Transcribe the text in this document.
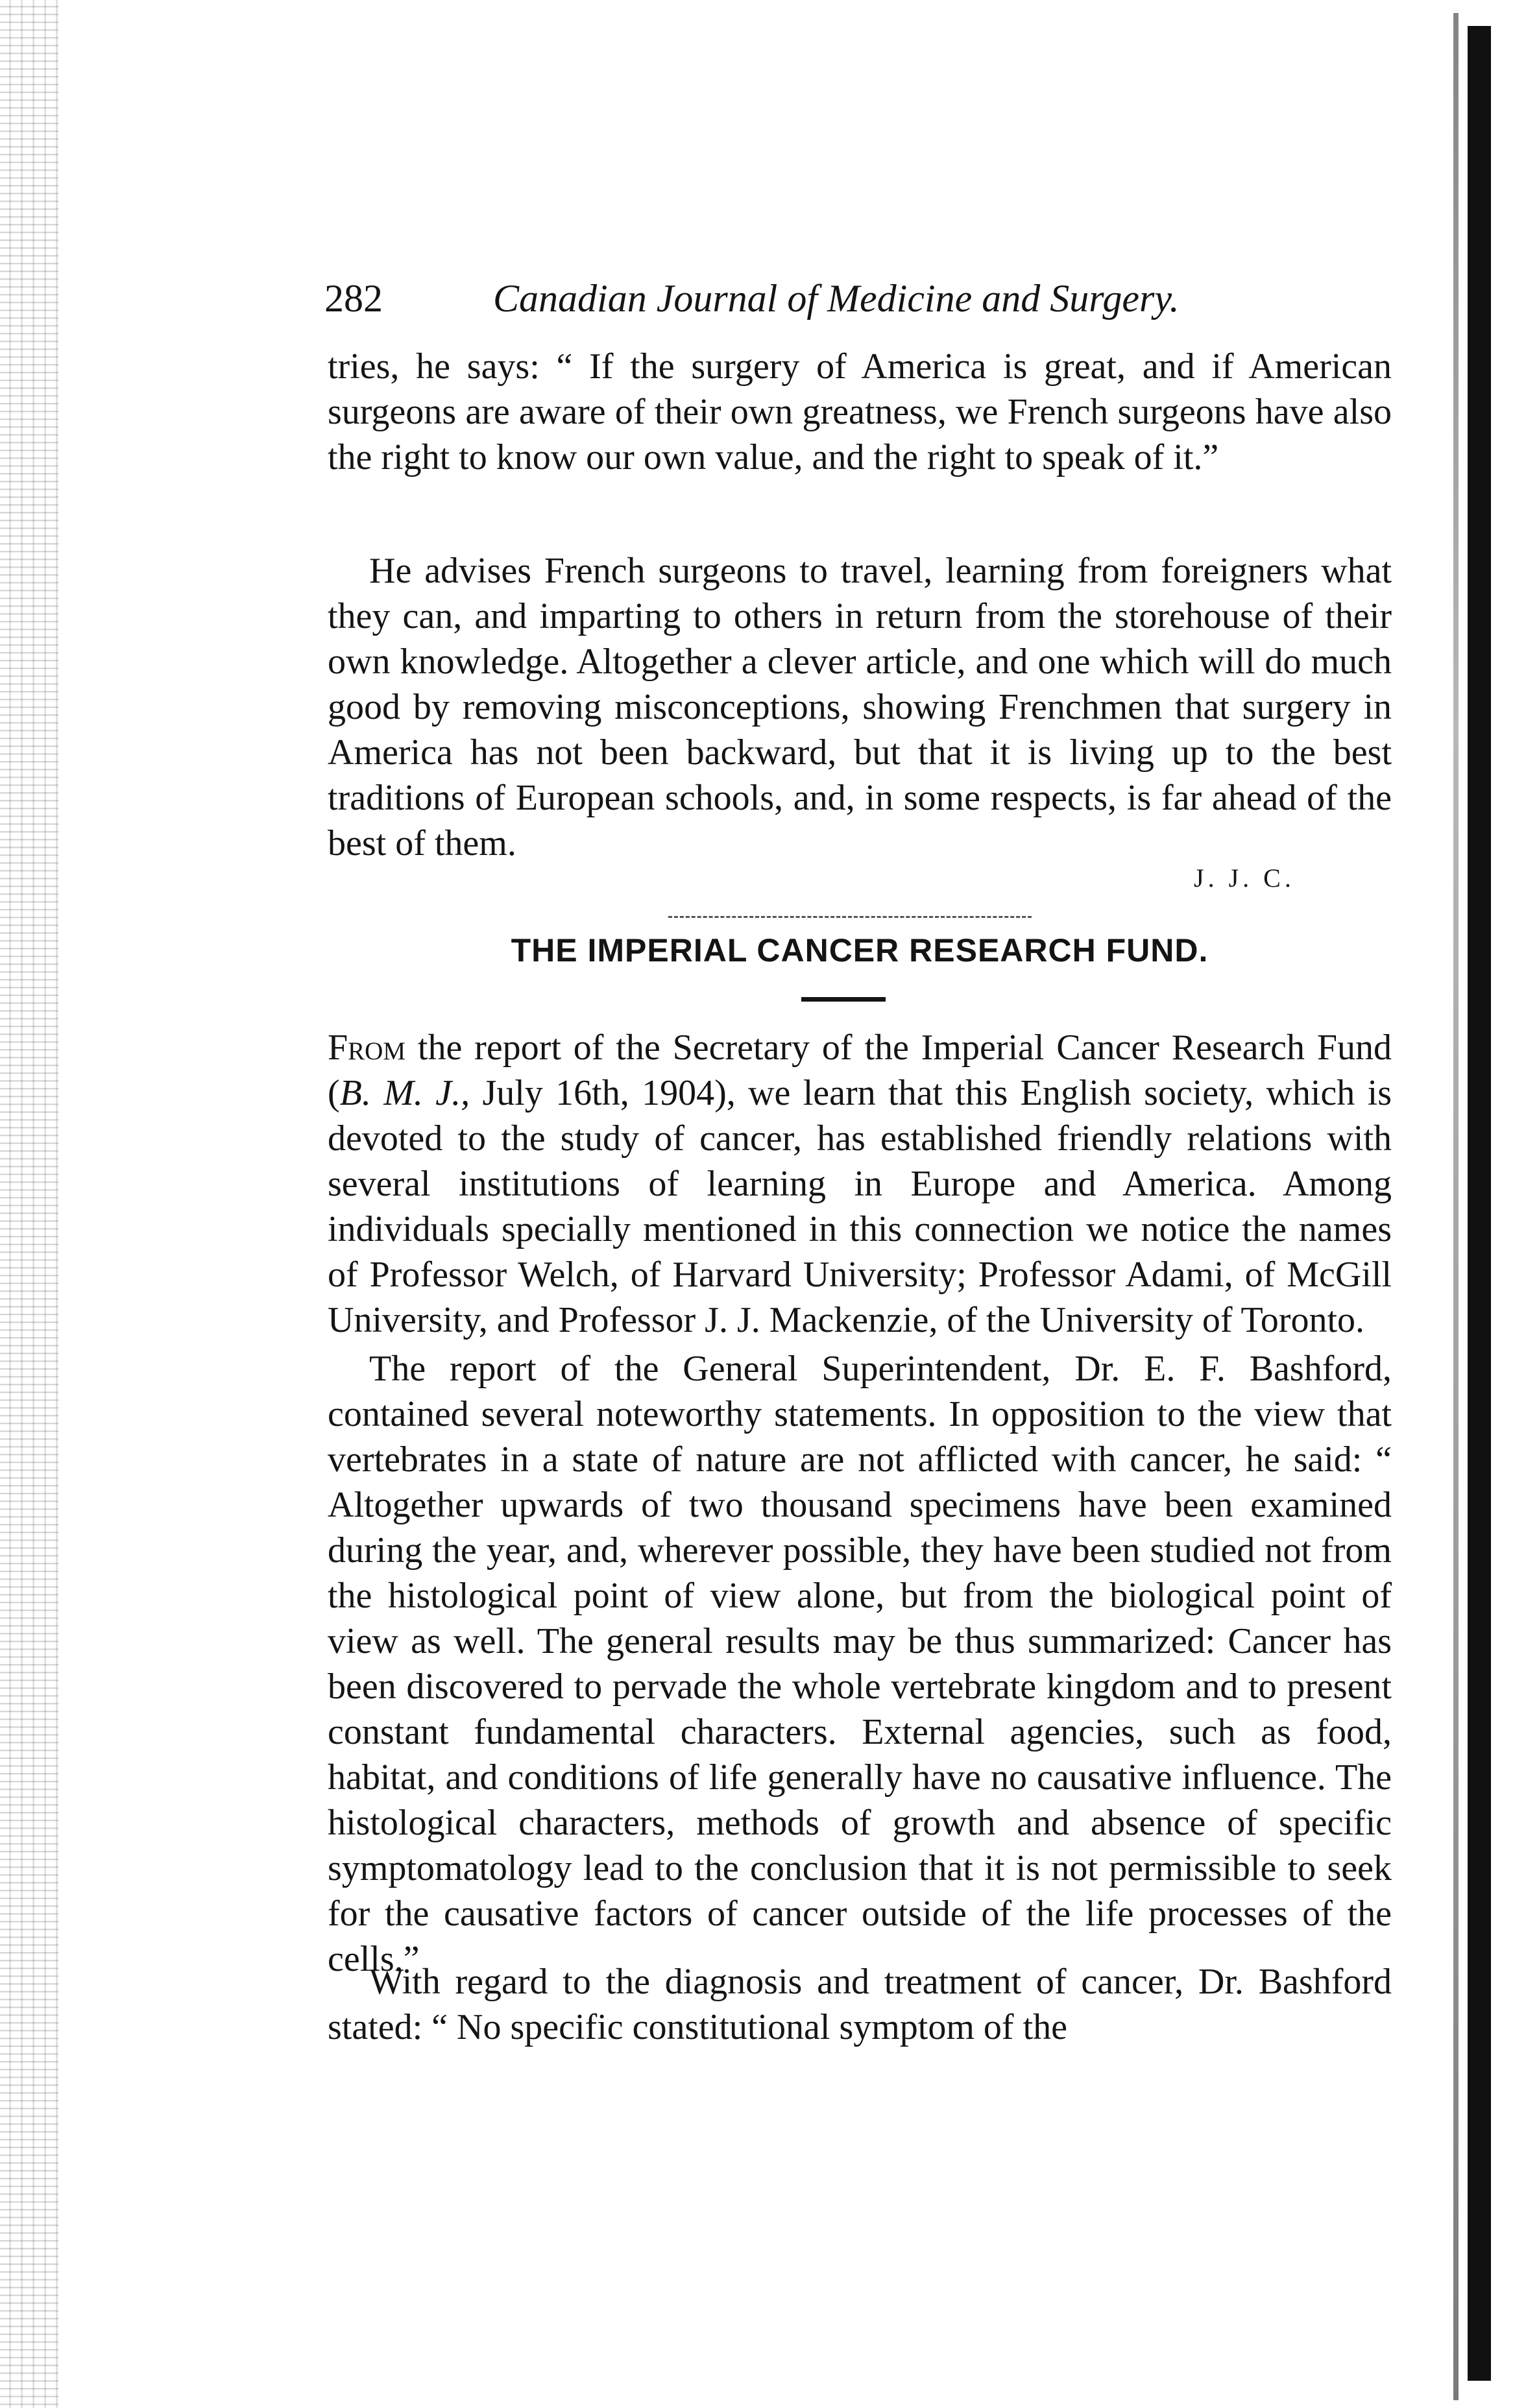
282	Canadian Journal of Medicine and Surgery.

tries, he says: “ If the surgery of America is great, and if American surgeons are aware of their own greatness, we French surgeons have also the right to know our own value, and the right to speak of it.”

He advises French surgeons to travel, learning from foreigners what they can, and imparting to others in return from the storehouse of their own knowledge. Altogether a clever article, and one which will do much good by removing misconceptions, showing Frenchmen that surgery in America has not been backward, but that it is living up to the best traditions of European schools, and, in some respects, is far ahead of the best of them.

J. J. C.
THE IMPERIAL CANCER RESEARCH FUND.

From the report of the Secretary of the Imperial Cancer Research Fund (B. M. J., July 16th, 1904), we learn that this English society, which is devoted to the study of cancer, has established friendly relations with several institutions of learning in Europe and America. Among individuals specially mentioned in this connection we notice the names of Professor Welch, of Harvard University; Professor Adami, of McGill University, and Professor J. J. Mackenzie, of the University of Toronto.

The report of the General Superintendent, Dr. E. F. Bashford, contained several noteworthy statements. In opposition to the view that vertebrates in a state of nature are not afflicted with cancer, he said: “ Altogether upwards of two thousand specimens have been examined during the year, and, wherever possible, they have been studied not from the histological point of view alone, but from the biological point of view as well. The general results may be thus summarized: Cancer has been discovered to pervade the whole vertebrate kingdom and to present constant fundamental characters. External agencies, such as food, habitat, and conditions of life generally have no causative influence. The histological characters, methods of growth and absence of specific symptomatology lead to the conclusion that it is not permissible to seek for the causative factors of cancer outside of the life processes of the cells.”

With regard to the diagnosis and treatment of cancer, Dr. Bashford stated: “ No specific constitutional symptom of the
